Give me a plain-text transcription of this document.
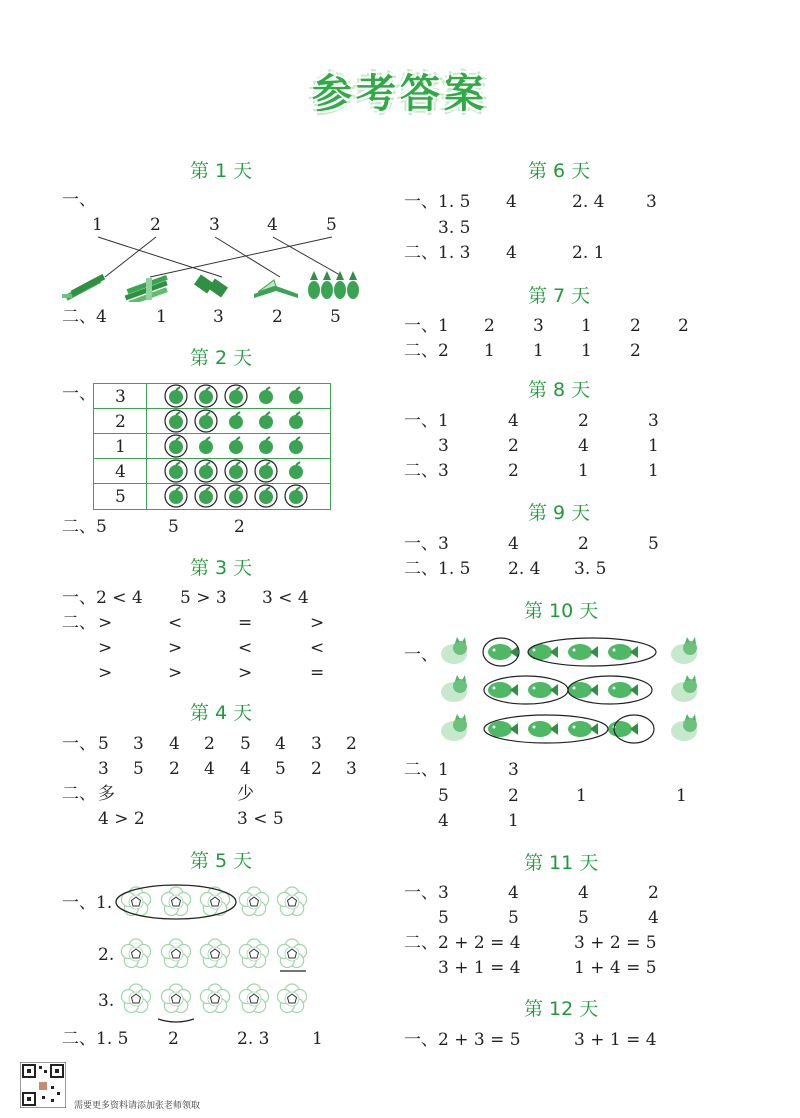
参考答案
第 1 天
一、
1	2	3	4	5
二、4	1	3	2	5
第 2 天
一、 3
2
1
4
5
二、5	5	2
第 3 天
一、2 < 4 5 > 3 3 < 4
二、 >	<	=	>
>	>	<	<
>	>	>	=
第 4 天
一、 5 3 4 2 5 4 3 2
3 5 2 4 4 5 2 3
二、 多	少
4 > 2	3 < 5
第 5 天
一、1.
2.
3.
二、1. 5 2	2. 3	1
第 6 天
一、1. 5 4	2. 4 3
3. 5
二、1. 3 4	2. 1
第 7 天
一、1 2 3 1 2 2
二、2 1 1 1 2
第 8 天
一、1	4	2	3
3	2	4	1
二、3	2	1	1
第 9 天
一、3	4	2	5
二、1. 5 2. 4 3. 5
第 10 天
一、
二、1	3
5	2	1	1
4	1
第 11 天
一、3	4	4	2
5	5	5	4
二、2 + 2 = 4	3 + 2 = 5
3 + 1 = 4	1 + 4 = 5
第 12 天
一、2 + 3 = 5	3 + 1 = 4
需要更多资料请添加张老师领取
